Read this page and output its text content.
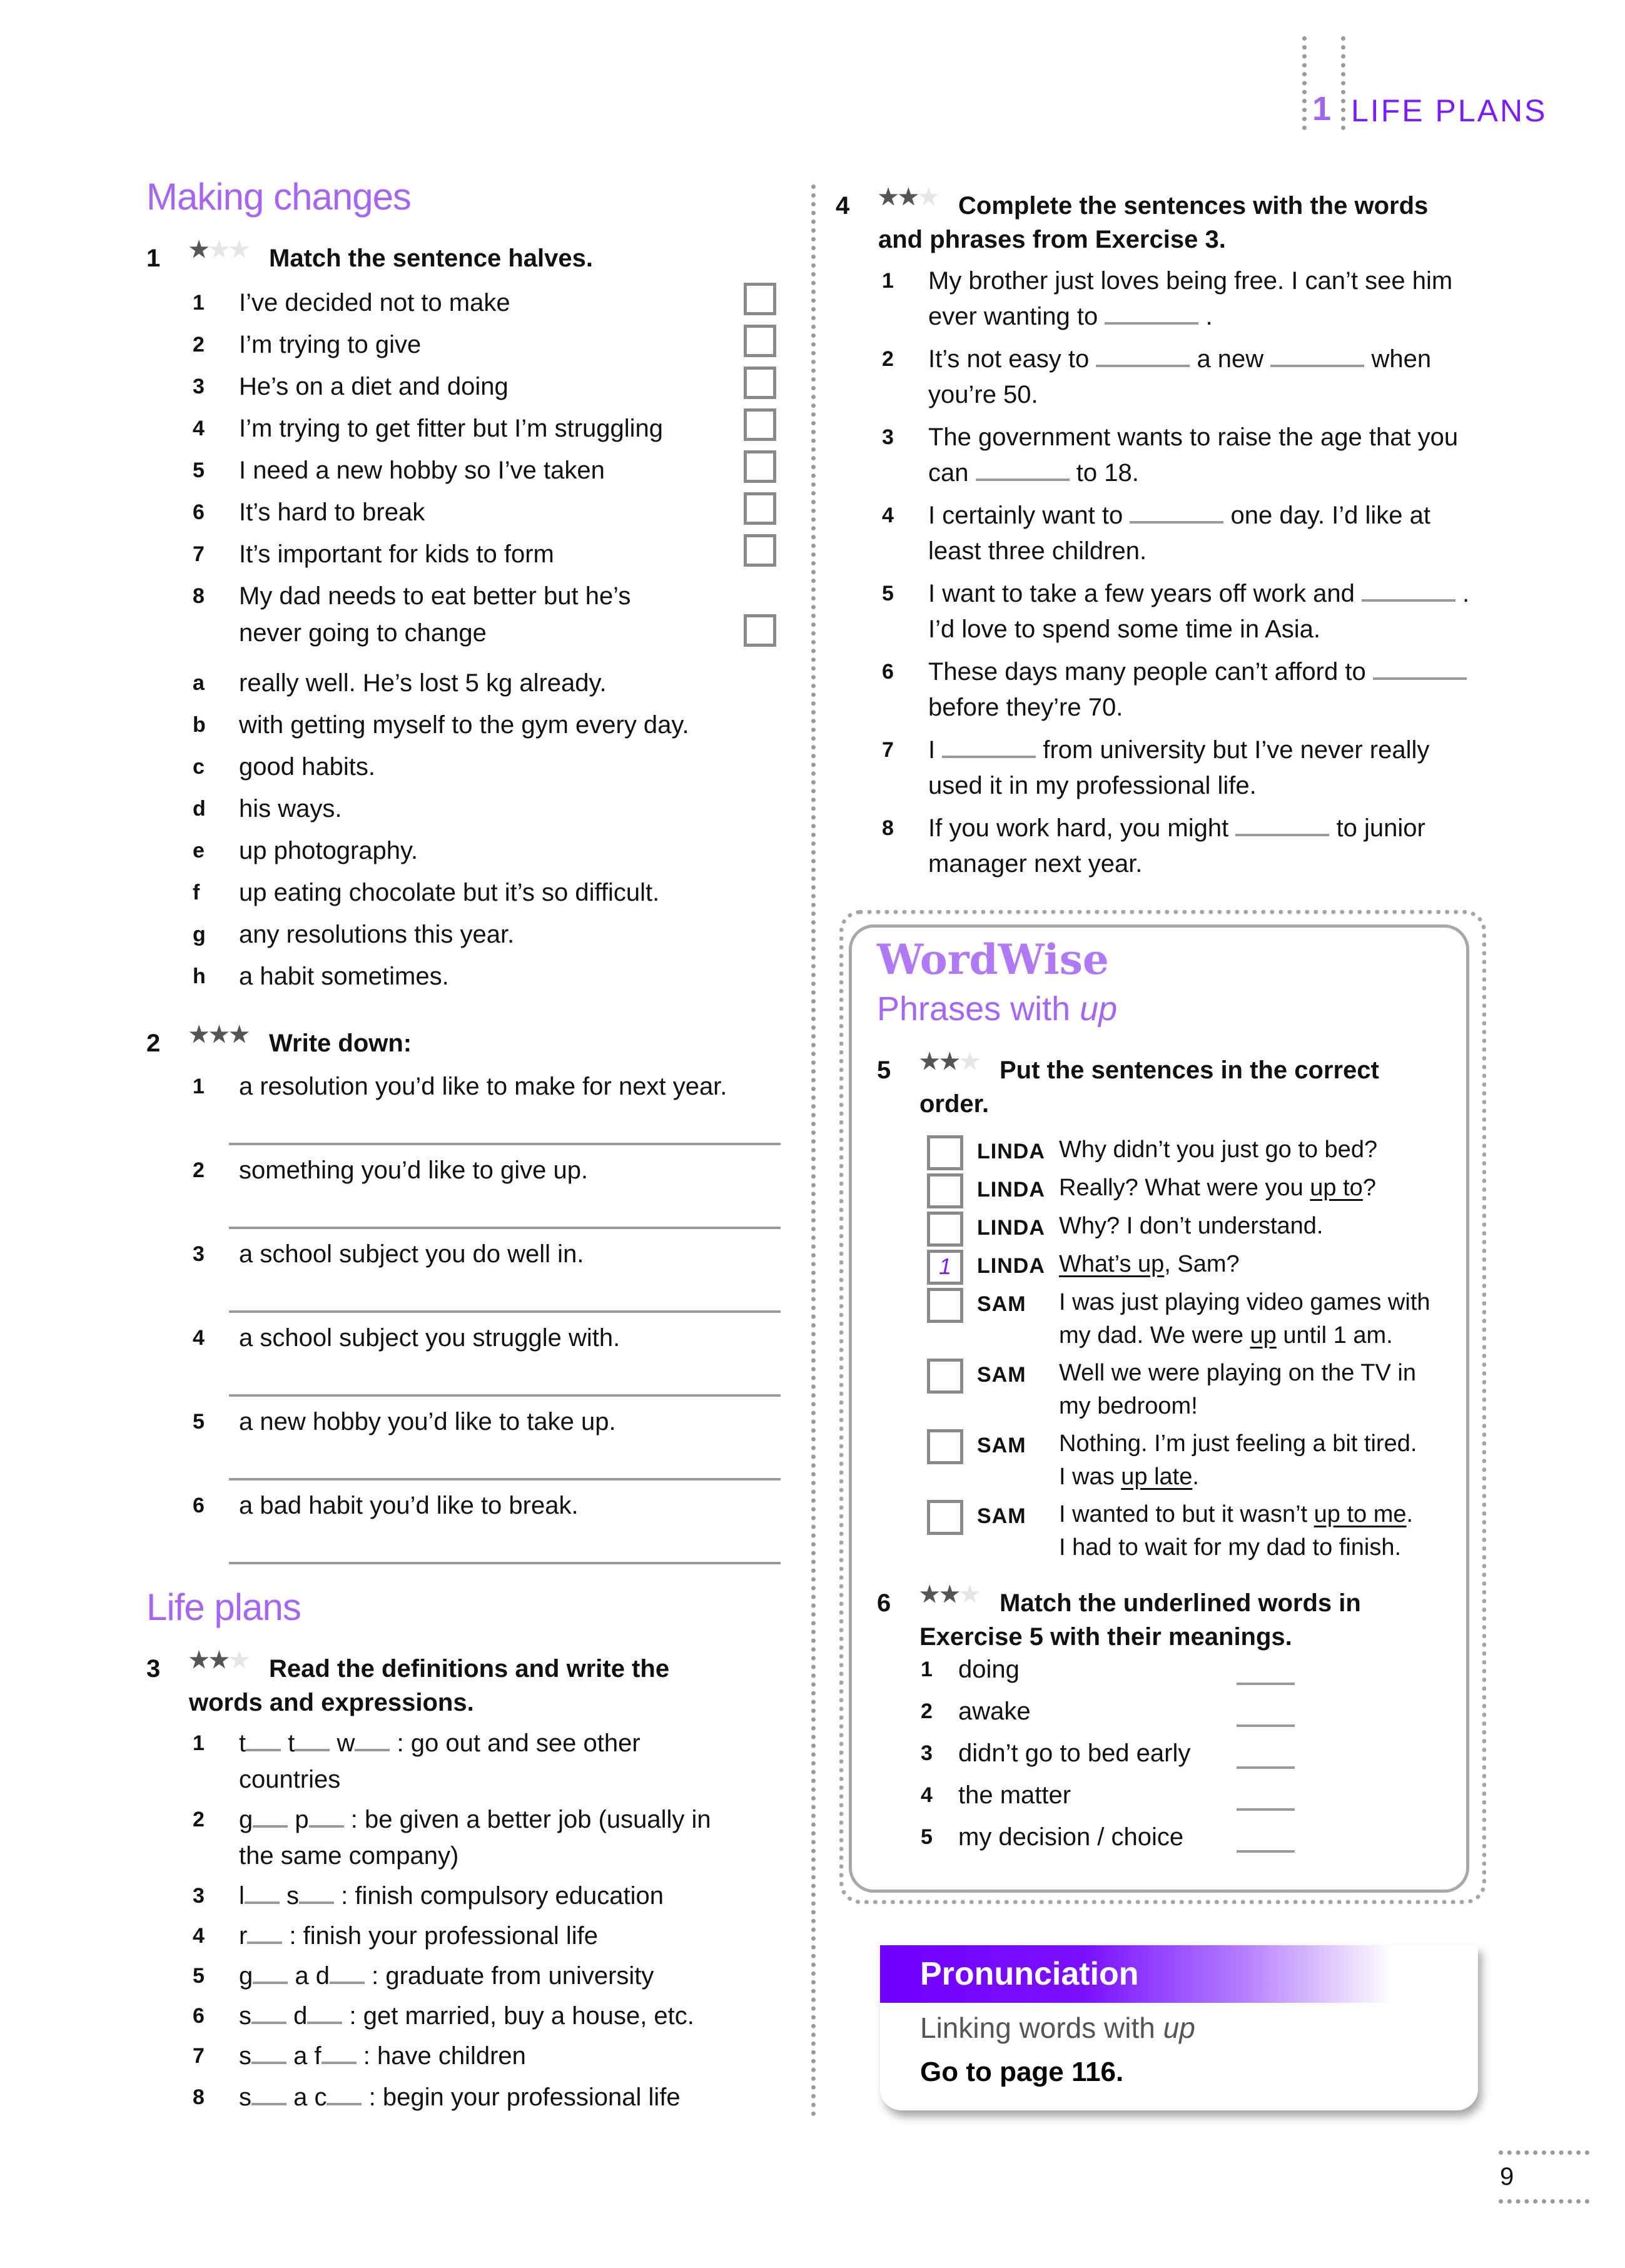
1 LIFE PLANS
Making changes
1 ★★★ Match the sentence halves.
1 I’ve decided not to make
2 I’m trying to give
3 He’s on a diet and doing
4 I’m trying to get fitter but I’m struggling
5 I need a new hobby so I’ve taken
6 It’s hard to break
7 It’s important for kids to form
8 My dad needs to eat better but he’s
never going to change
a really well. He’s lost 5 kg already.
b with getting myself to the gym every day.
c good habits.
d his ways.
e up photography.
f up eating chocolate but it’s so difficult.
g any resolutions this year.
h a habit sometimes.
2 ★★★ Write down:
1 a resolution you’d like to make for next year.
2 something you’d like to give up.
3 a school subject you do well in.
4 a school subject you struggle with.
5 a new hobby you’d like to take up.
6 a bad habit you’d like to break.
Life plans
3 ★★★ Read the definitions and write the
words and expressions.
1 t t w : go out and see other
countries
2 g p : be given a better job (usually in
the same company)
3 l s : finish compulsory education
4 r : finish your professional life
5 g a d : graduate from university
6 s d : get married, buy a house, etc.
7 s a f : have children
8 s a c : begin your professional life
4 ★★★ Complete the sentences with the words
and phrases from Exercise 3.
1 My brother just loves being free. I can’t see him
ever wanting to	.
2 It’s not easy to	a new	when
you’re 50.
3 The government wants to raise the age that you
can	to 18.
4 I certainly want to	one day. I’d like at
least three children.
5 I want to take a few years off work and	.
I’d love to spend some time in Asia.
6 These days many people can’t afford to
before they’re 70.
7 I	from university but I’ve never really
used it in my professional life.
8 If you work hard, you might	to junior
manager next year.
WordWise
Phrases with up
5 ★★★ Put the sentences in the correct
order.
LINDA Why didn’t you just go to bed?
LINDA Really? What were you up to?
LINDA Why? I don’t understand.
1	LINDA What’s up, Sam?
SAM I was just playing video games with
my dad. We were up until 1 am.
SAM Well we were playing on the TV in
my bedroom!
SAM Nothing. I’m just feeling a bit tired.
I was up late.
SAM I wanted to but it wasn’t up to me.
I had to wait for my dad to finish.
6 ★★★ Match the underlined words in
Exercise 5 with their meanings.
1 doing
2 awake
3 didn’t go to bed early
4 the matter
5 my decision / choice
Pronunciation
Linking words with up
Go to page 116.
9
